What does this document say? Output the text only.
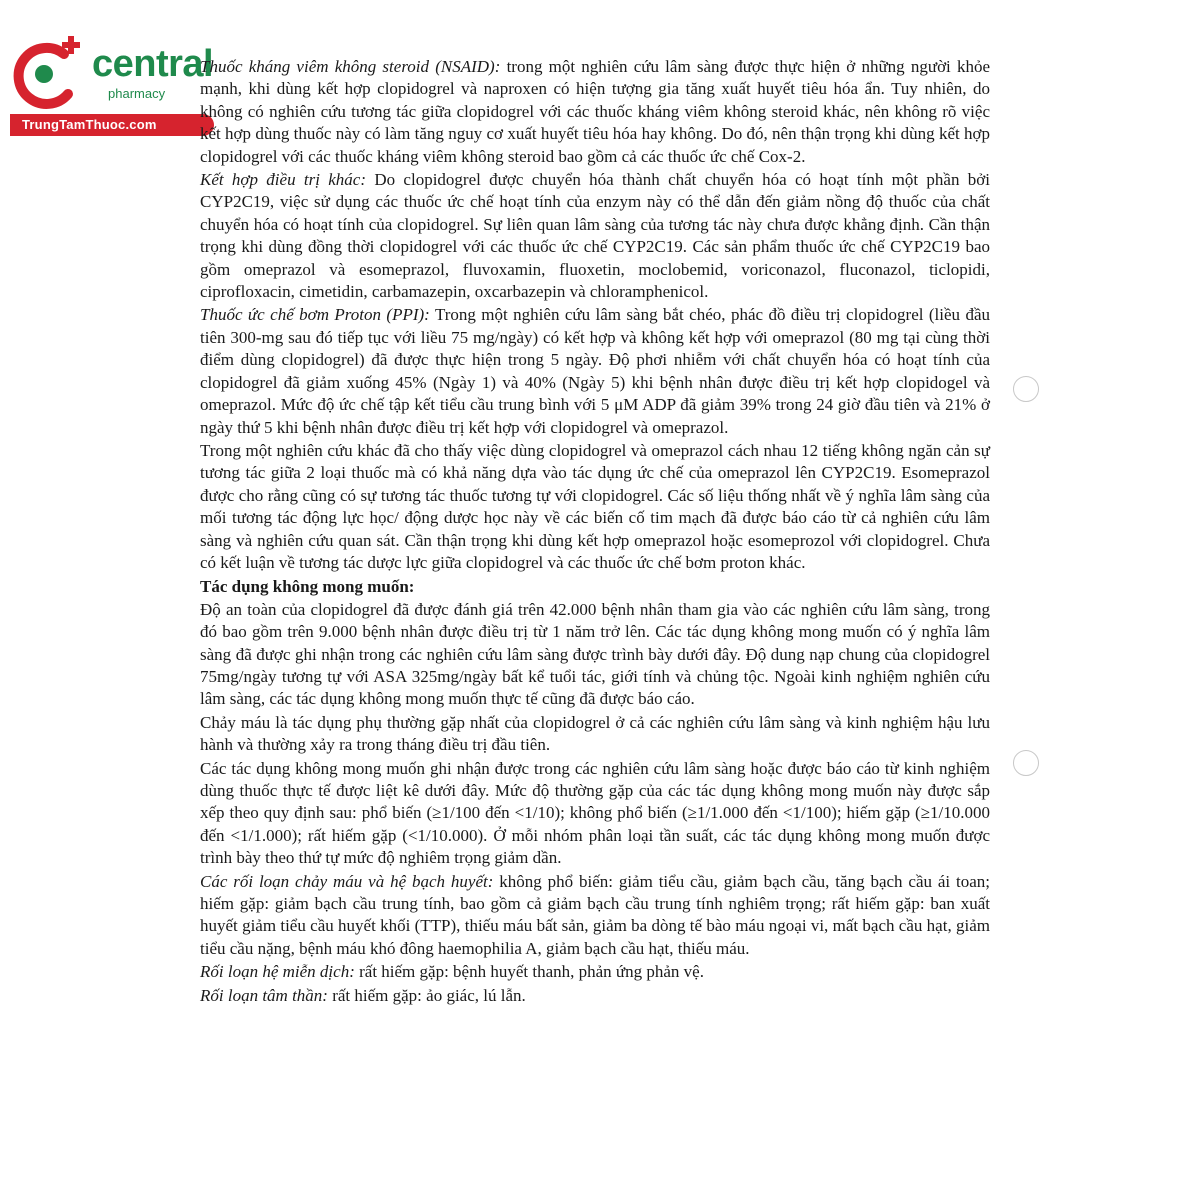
central
pharmacy
TrungTamThuoc.com

Thuốc kháng viêm không steroid (NSAID): trong một nghiên cứu lâm sàng được thực hiện ở những người khỏe mạnh, khi dùng kết hợp clopidogrel và naproxen có hiện tượng gia tăng xuất huyết tiêu hóa ẩn. Tuy nhiên, do không có nghiên cứu tương tác giữa clopidogrel với các thuốc kháng viêm không steroid khác, nên không rõ việc kết hợp dùng thuốc này có làm tăng nguy cơ xuất huyết tiêu hóa hay không. Do đó, nên thận trọng khi dùng kết hợp clopidogrel với các thuốc kháng viêm không steroid bao gồm cả các thuốc ức chế Cox-2.

Kết hợp điều trị khác: Do clopidogrel được chuyển hóa thành chất chuyển hóa có hoạt tính một phần bởi CYP2C19, việc sử dụng các thuốc ức chế hoạt tính của enzym này có thể dẫn đến giảm nồng độ thuốc của chất chuyển hóa có hoạt tính của clopidogrel. Sự liên quan lâm sàng của tương tác này chưa được khẳng định. Cần thận trọng khi dùng đồng thời clopidogrel với các thuốc ức chế CYP2C19. Các sản phẩm thuốc ức chế CYP2C19 bao gồm omeprazol và esomeprazol, fluvoxamin, fluoxetin, moclobemid, voriconazol, fluconazol, ticlopidi, ciprofloxacin, cimetidin, carbamazepin, oxcarbazepin và chloramphenicol.

Thuốc ức chế bơm Proton (PPI): Trong một nghiên cứu lâm sàng bắt chéo, phác đồ điều trị clopidogrel (liều đầu tiên 300-mg sau đó tiếp tục với liều 75 mg/ngày) có kết hợp và không kết hợp với omeprazol (80 mg tại cùng thời điểm dùng clopidogrel) đã được thực hiện trong 5 ngày. Độ phơi nhiễm với chất chuyển hóa có hoạt tính của clopidogrel đã giảm xuống 45% (Ngày 1) và 40% (Ngày 5) khi bệnh nhân được điều trị kết hợp clopidogel và omeprazol. Mức độ ức chế tập kết tiểu cầu trung bình với 5 μM ADP đã giảm 39% trong 24 giờ đầu tiên và 21% ở ngày thứ 5 khi bệnh nhân được điều trị kết hợp với clopidogrel và omeprazol.

Trong một nghiên cứu khác đã cho thấy việc dùng clopidogrel và omeprazol cách nhau 12 tiếng không ngăn cản sự tương tác giữa 2 loại thuốc mà có khả năng dựa vào tác dụng ức chế của omeprazol lên CYP2C19. Esomeprazol được cho rằng cũng có sự tương tác thuốc tương tự với clopidogrel. Các số liệu thống nhất về ý nghĩa lâm sàng của mối tương tác động lực học/ động dược học này về các biến cố tim mạch đã được báo cáo từ cả nghiên cứu lâm sàng và nghiên cứu quan sát. Cần thận trọng khi dùng kết hợp omeprazol hoặc esomeprozol với clopidogrel. Chưa có kết luận về tương tác dược lực giữa clopidogrel và các thuốc ức chế bơm proton khác.

Tác dụng không mong muốn:

Độ an toàn của clopidogrel đã được đánh giá trên 42.000 bệnh nhân tham gia vào các nghiên cứu lâm sàng, trong đó bao gồm trên 9.000 bệnh nhân được điều trị từ 1 năm trở lên. Các tác dụng không mong muốn có ý nghĩa lâm sàng đã được ghi nhận trong các nghiên cứu lâm sàng được trình bày dưới đây. Độ dung nạp chung của clopidogrel 75mg/ngày tương tự với ASA 325mg/ngày bất kể tuổi tác, giới tính và chủng tộc. Ngoài kinh nghiệm nghiên cứu lâm sàng, các tác dụng không mong muốn thực tế cũng đã được báo cáo.

Chảy máu là tác dụng phụ thường gặp nhất của clopidogrel ở cả các nghiên cứu lâm sàng và kinh nghiệm hậu lưu hành và thường xảy ra trong tháng điều trị đầu tiên.

Các tác dụng không mong muốn ghi nhận được trong các nghiên cứu lâm sàng hoặc được báo cáo từ kinh nghiệm dùng thuốc thực tế được liệt kê dưới đây. Mức độ thường gặp của các tác dụng không mong muốn này được sắp xếp theo quy định sau: phổ biến (≥1/100 đến <1/10); không phổ biến (≥1/1.000 đến <1/100); hiếm gặp (≥1/10.000 đến <1/1.000); rất hiếm gặp (<1/10.000). Ở mỗi nhóm phân loại tần suất, các tác dụng không mong muốn được trình bày theo thứ tự mức độ nghiêm trọng giảm dần.

Các rối loạn chảy máu và hệ bạch huyết: không phổ biến: giảm tiểu cầu, giảm bạch cầu, tăng bạch cầu ái toan; hiếm gặp: giảm bạch cầu trung tính, bao gồm cả giảm bạch cầu trung tính nghiêm trọng; rất hiếm gặp: ban xuất huyết giảm tiểu cầu huyết khối (TTP), thiếu máu bất sản, giảm ba dòng tế bào máu ngoại vi, mất bạch cầu hạt, giảm tiểu cầu nặng, bệnh máu khó đông haemophilia A, giảm bạch cầu hạt, thiếu máu.

Rối loạn hệ miễn dịch: rất hiếm gặp: bệnh huyết thanh, phản ứng phản vệ.

Rối loạn tâm thần: rất hiếm gặp: ảo giác, lú lẫn.
